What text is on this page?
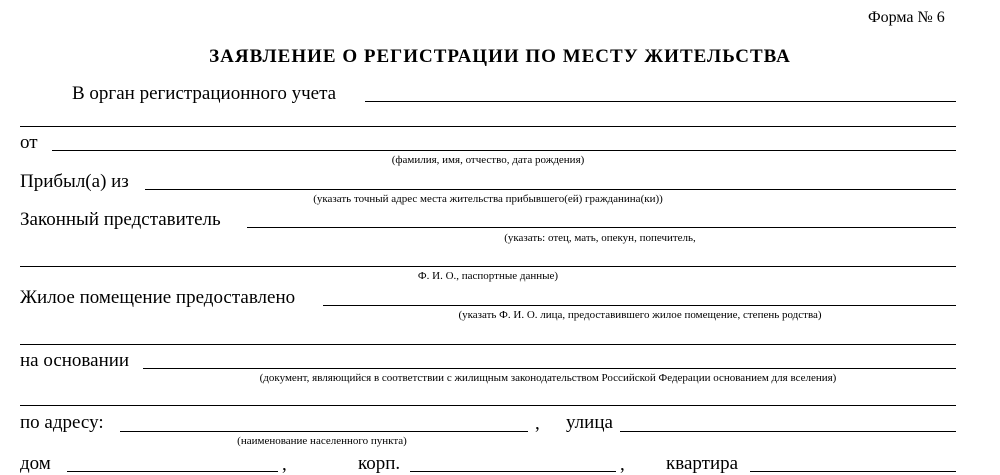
Форма № 6
ЗАЯВЛЕНИЕ О РЕГИСТРАЦИИ ПО МЕСТУ ЖИТЕЛЬСТВА
В орган регистрационного учета
от
(фамилия, имя, отчество, дата рождения)
Прибыл(а) из
(указать точный адрес места жительства прибывшего(ей) гражданина(ки))
Законный представитель
(указать: отец, мать, опекун, попечитель,
Ф. И. О., паспортные данные)
Жилое помещение предоставлено
(указать Ф. И. О. лица, предоставившего жилое помещение, степень родства)
на основании
(документ, являющийся в соответствии с жилищным законодательством Российской Федерации основанием для вселения)
по адресу:	, улица
(наименование населенного пункта)
дом	,	корп.	, квартира
